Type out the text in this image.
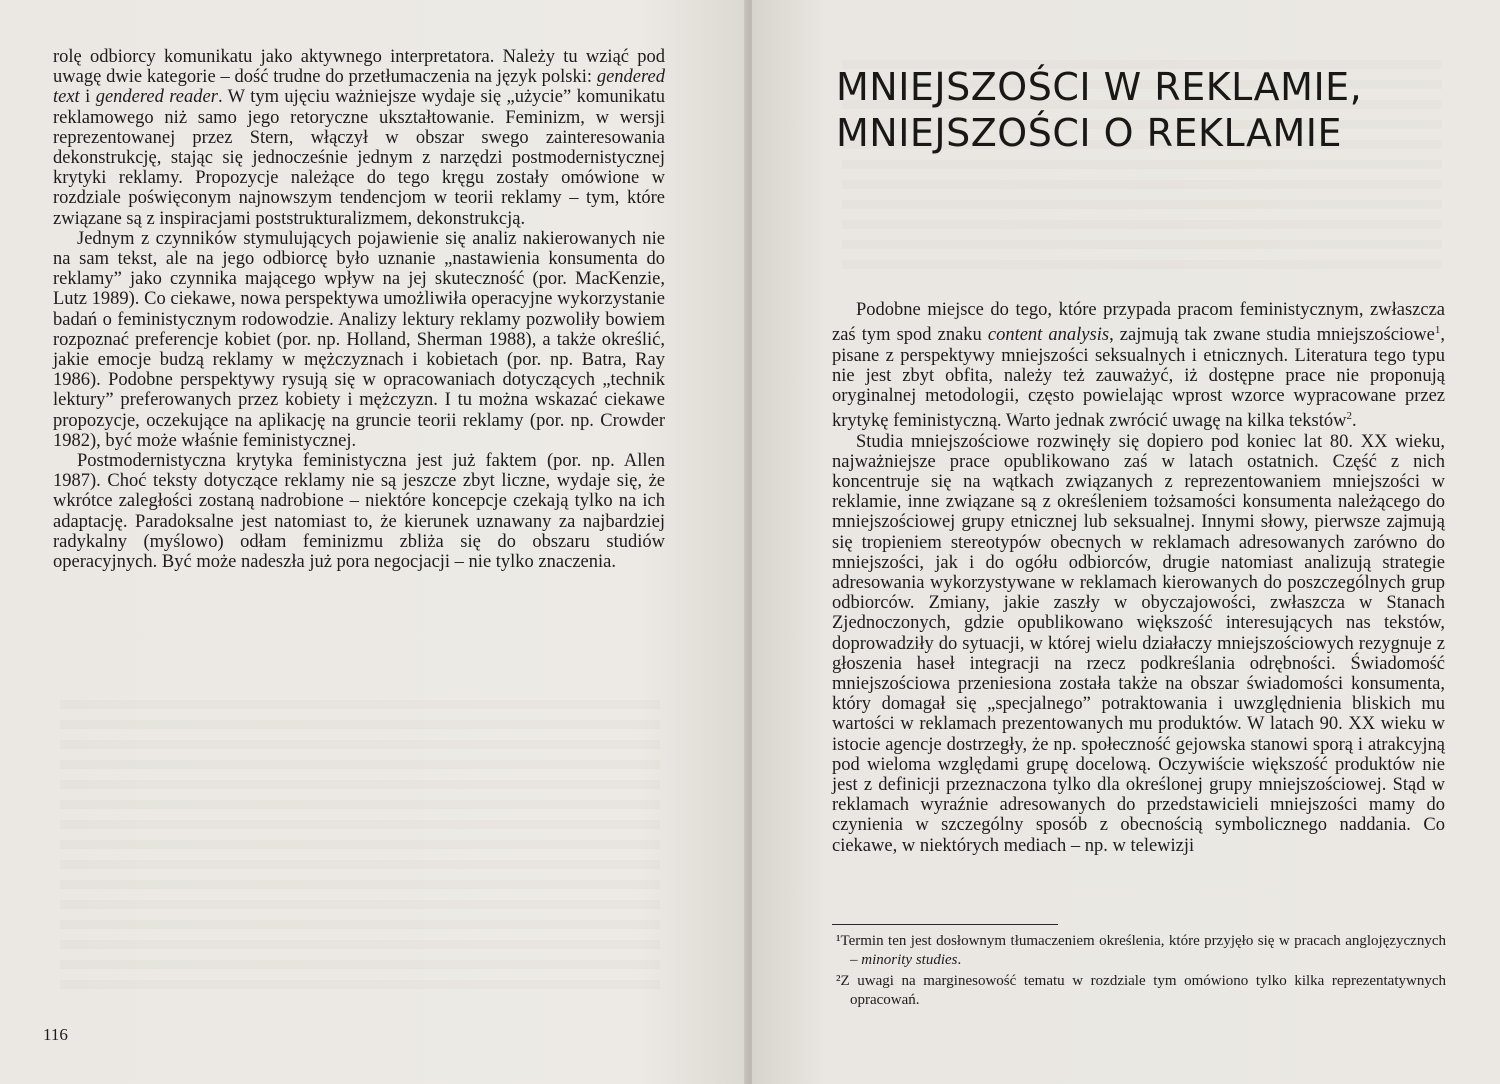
rolę odbiorcy komunikatu jako aktywnego interpretatora. Należy tu wziąć pod uwagę dwie kategorie – dość trudne do przetłumaczenia na język polski: gendered text i gendered reader. W tym ujęciu ważniejsze wydaje się „użycie” komunikatu reklamowego niż samo jego retoryczne ukształtowanie. Feminizm, w wersji reprezentowanej przez Stern, włączył w obszar swego zainteresowania dekonstrukcję, stając się jednocześnie jednym z narzędzi postmodernistycznej krytyki reklamy. Propozycje należące do tego kręgu zostały omówione w rozdziale poświęconym najnowszym tendencjom w teorii reklamy – tym, które związane są z inspiracjami poststrukturalizmem, dekonstrukcją.

Jednym z czynników stymulujących pojawienie się analiz nakierowanych nie na sam tekst, ale na jego odbiorcę było uznanie „nastawienia konsumenta do reklamy” jako czynnika mającego wpływ na jej skuteczność (por. MacKenzie, Lutz 1989). Co ciekawe, nowa perspektywa umożliwiła operacyjne wykorzystanie badań o feministycznym rodowodzie. Analizy lektury reklamy pozwoliły bowiem rozpoznać preferencje kobiet (por. np. Holland, Sherman 1988), a także określić, jakie emocje budzą reklamy w mężczyznach i kobietach (por. np. Batra, Ray 1986). Podobne perspektywy rysują się w opracowaniach dotyczących „technik lektury” preferowanych przez kobiety i mężczyzn. I tu można wskazać ciekawe propozycje, oczekujące na aplikację na gruncie teorii reklamy (por. np. Crowder 1982), być może właśnie feministycznej.

Postmodernistyczna krytyka feministyczna jest już faktem (por. np. Allen 1987). Choć teksty dotyczące reklamy nie są jeszcze zbyt liczne, wydaje się, że wkrótce zaległości zostaną nadrobione – niektóre koncepcje czekają tylko na ich adaptację. Paradoksalne jest natomiast to, że kierunek uznawany za najbardziej radykalny (myślowo) odłam feminizmu zbliża się do obszaru studiów operacyjnych. Być może nadeszła już pora negocjacji – nie tylko znaczenia.

116
MNIEJSZOŚCI W REKLAMIE,
MNIEJSZOŚCI O REKLAMIE

Podobne miejsce do tego, które przypada pracom feministycznym, zwłaszcza zaś tym spod znaku content analysis, zajmują tak zwane studia mniejszościowe$^1$, pisane z perspektywy mniejszości seksualnych i etnicznych. Literatura tego typu nie jest zbyt obfita, należy też zauważyć, iż dostępne prace nie proponują oryginalnej metodologii, często powielając wprost wzorce wypracowane przez krytykę feministyczną. Warto jednak zwrócić uwagę na kilka tekstów$^2$.

Studia mniejszościowe rozwinęły się dopiero pod koniec lat 80. XX wieku, najważniejsze prace opublikowano zaś w latach ostatnich. Część z nich koncentruje się na wątkach związanych z reprezentowaniem mniejszości w reklamie, inne związane są z określeniem tożsamości konsumenta należącego do mniejszościowej grupy etnicznej lub seksualnej. Innymi słowy, pierwsze zajmują się tropieniem stereotypów obecnych w reklamach adresowanych zarówno do mniejszości, jak i do ogółu odbiorców, drugie natomiast analizują strategie adresowania wykorzystywane w reklamach kierowanych do poszczególnych grup odbiorców. Zmiany, jakie zaszły w obyczajowości, zwłaszcza w Stanach Zjednoczonych, gdzie opublikowano większość interesujących nas tekstów, doprowadziły do sytuacji, w której wielu działaczy mniejszościowych rezygnuje z głoszenia haseł integracji na rzecz podkreślania odrębności. Świadomość mniejszościowa przeniesiona została także na obszar świadomości konsumenta, który domagał się „specjalnego” potraktowania i uwzględnienia bliskich mu wartości w reklamach prezentowanych mu produktów. W latach 90. XX wieku w istocie agencje dostrzegły, że np. społeczność gejowska stanowi sporą i atrakcyjną pod wieloma względami grupę docelową. Oczywiście większość produktów nie jest z definicji przeznaczona tylko dla określonej grupy mniejszościowej. Stąd w reklamach wyraźnie adresowanych do przedstawicieli mniejszości mamy do czynienia w szczególny sposób z obecnością symbolicznego naddania. Co ciekawe, w niektórych mediach – np. w telewizji

¹Termin ten jest dosłownym tłumaczeniem określenia, które przyjęło się w pracach anglojęzycznych – minority studies.

²Z uwagi na marginesowość tematu w rozdziale tym omówiono tylko kilka reprezentatywnych opracowań.
